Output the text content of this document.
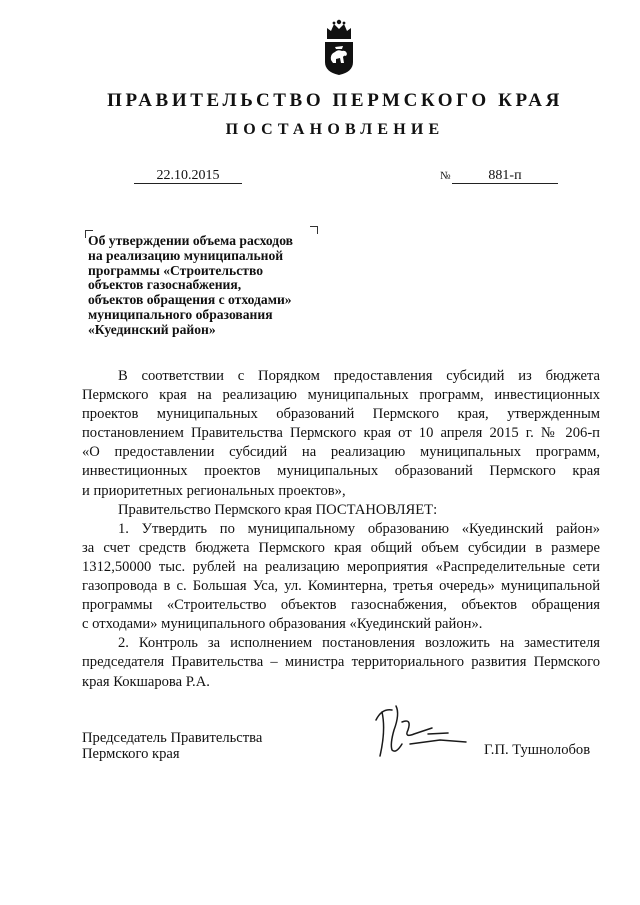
ПРАВИТЕЛЬСТВО ПЕРМСКОГО КРАЯ
ПОСТАНОВЛЕНИЕ
22.10.2015	№	881-п
Об утверждении объема расходов
на реализацию муниципальной
программы «Строительство
объектов газоснабжения,
объектов обращения с отходами»
муниципального образования
«Куединский район»
В соответствии с Порядком предоставления субсидий из бюджета
Пермского края на реализацию муниципальных программ, инвестиционных
проектов муниципальных образований Пермского края, утвержденным
постановлением Правительства Пермского края от 10 апреля 2015 г. № 206-п
«О предоставлении субсидий на реализацию муниципальных программ,
инвестиционных проектов муниципальных образований Пермского края
и приоритетных региональных проектов»,
Правительство Пермского края ПОСТАНОВЛЯЕТ:
1. Утвердить по муниципальному образованию «Куединский район»
за счет средств бюджета Пермского края общий объем субсидии в размере
1312,50000 тыс. рублей на реализацию мероприятия «Распределительные сети
газопровода в с. Большая Уса, ул. Коминтерна, третья очередь» муниципальной
программы «Строительство объектов газоснабжения, объектов обращения
с отходами» муниципального образования «Куединский район».
2. Контроль за исполнением постановления возложить на заместителя
председателя Правительства – министра территориального развития Пермского
края Кокшарова Р.А.
Председатель Правительства
Пермского края	Г.П. Тушнолобов
